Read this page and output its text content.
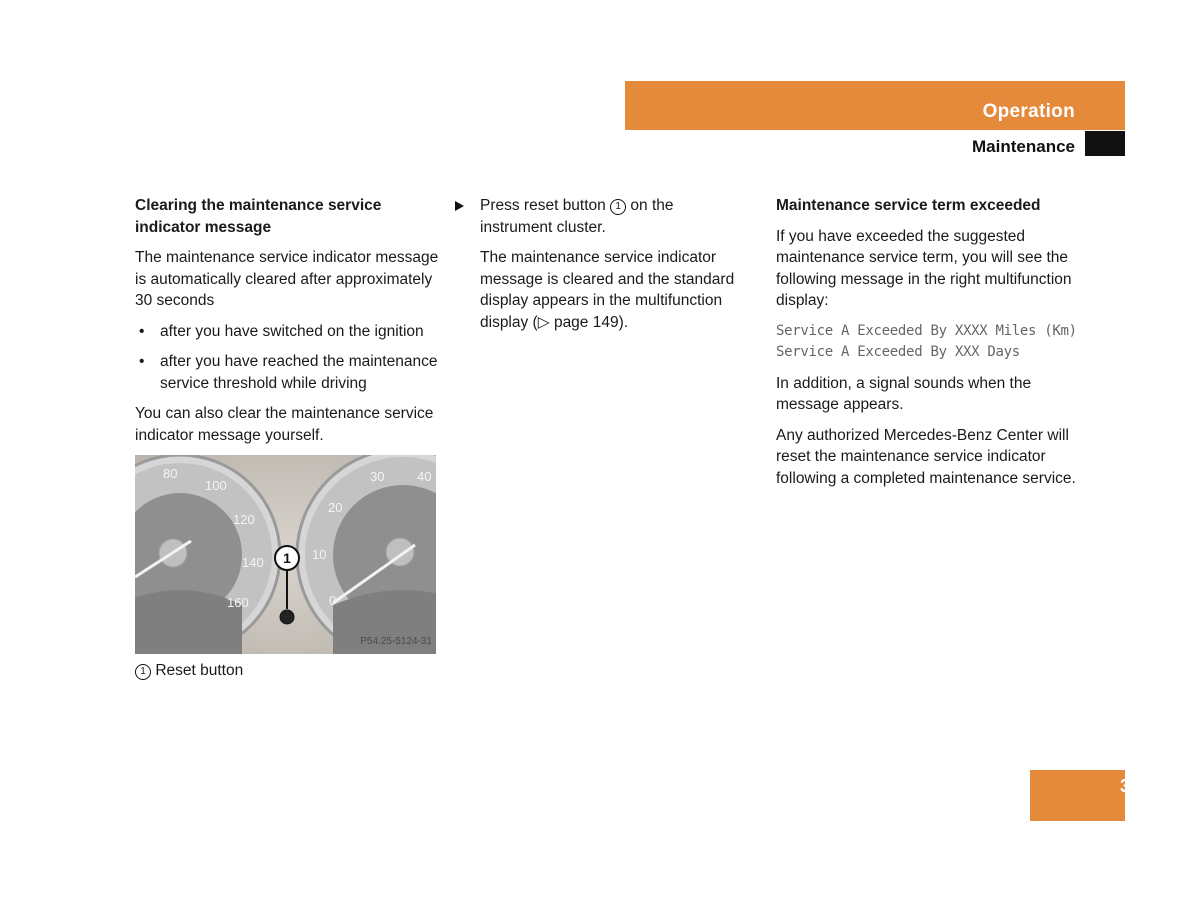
Operation
Maintenance

Clearing the maintenance service indicator message

The maintenance service indicator message is automatically cleared after approximately 30 seconds

• after you have switched on the ignition
• after you have reached the maintenance service threshold while driving

You can also clear the maintenance service indicator message yourself.

80
100
120
140
160
30	40
20
10
0
1
P54.25-5124-31

1 Reset button

Press reset button 1 on the instrument cluster.

The maintenance service indicator message is cleared and the standard display appears in the multifunction display (▷ page 149).

Maintenance service term exceeded

If you have exceeded the suggested maintenance service term, you will see the following message in the right multifunction display:

Service A Exceeded By XXXX Miles (Km)

Service A Exceeded By XXX Days

In addition, a signal sounds when the message appears.

Any authorized Mercedes-Benz Center will reset the maintenance service indicator following a completed maintenance service.

331
